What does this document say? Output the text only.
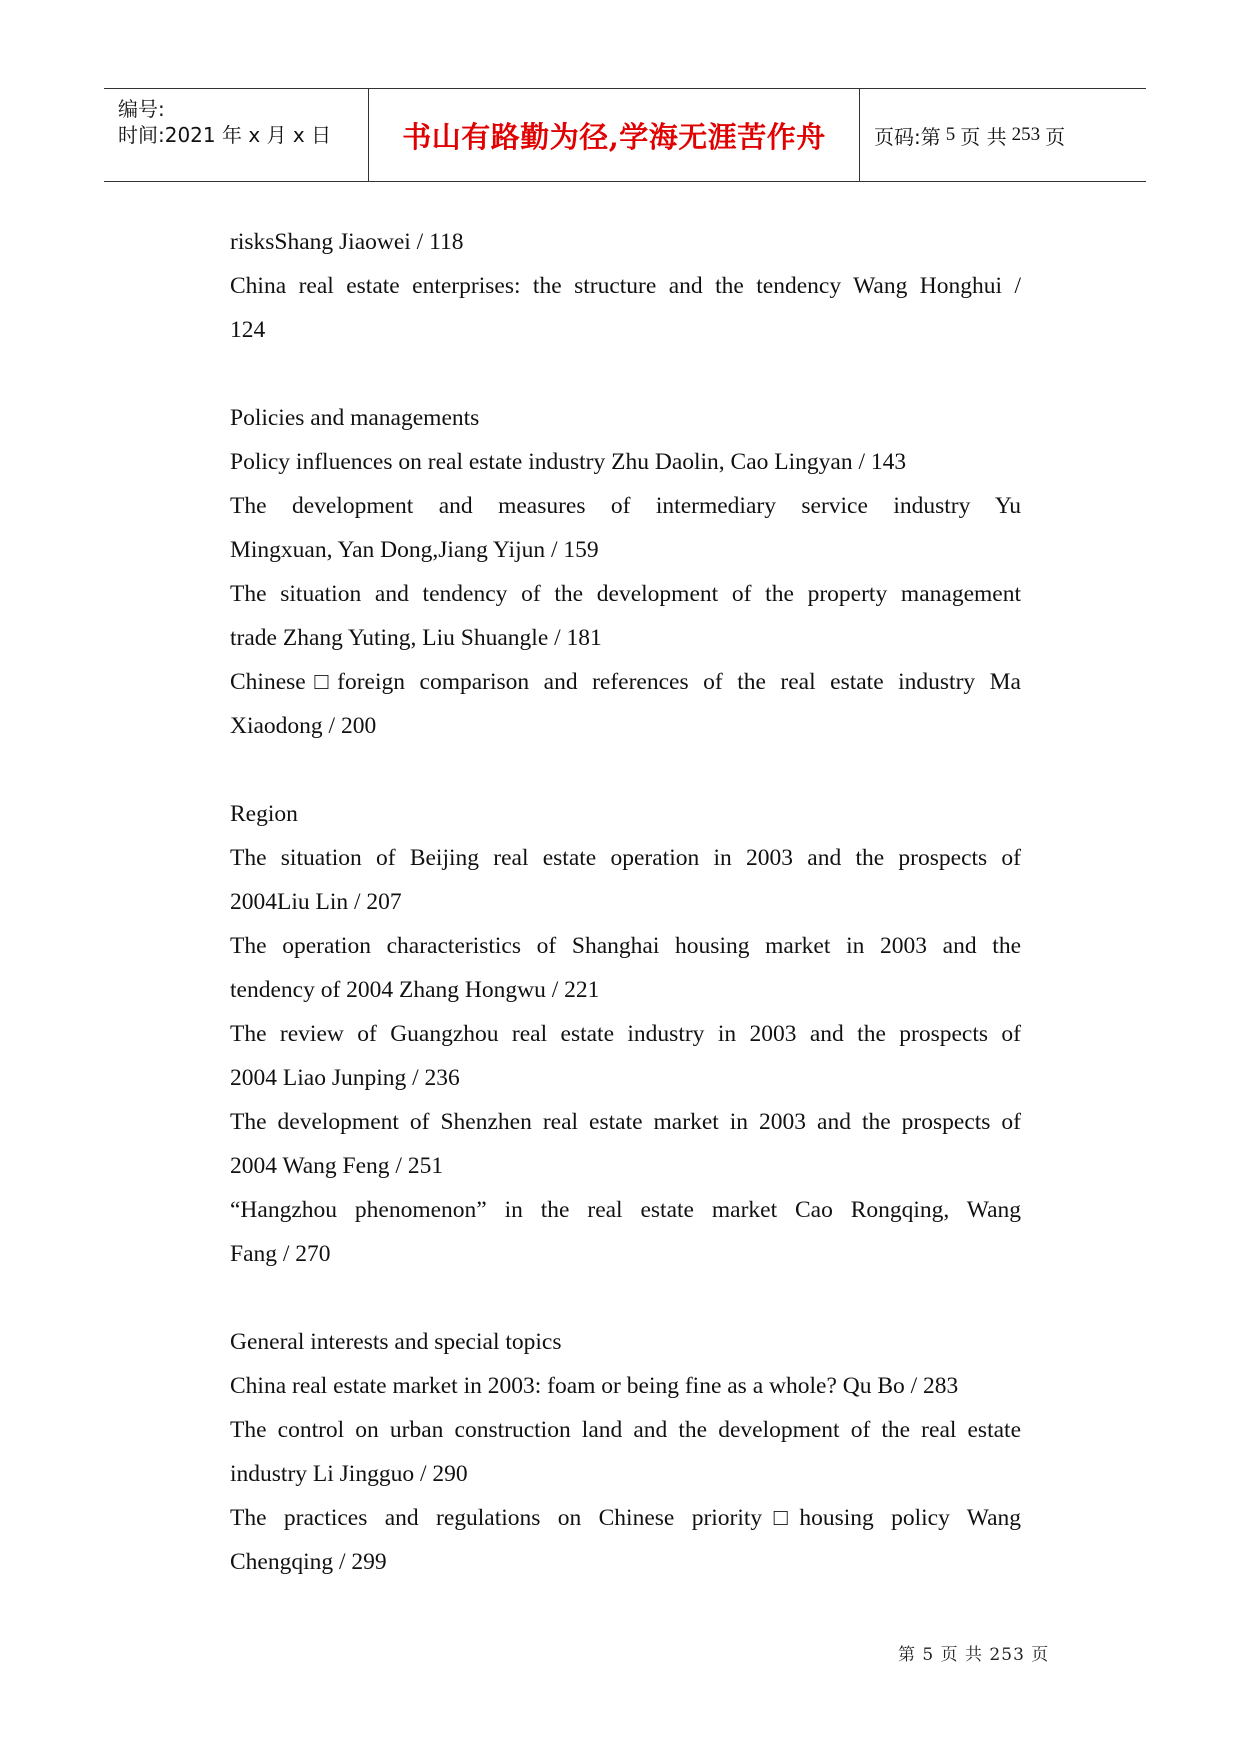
编号:
时间:2021 年 x 月 x 日 书山有路勤为径,学海无涯苦作舟 页码:第 5 页 共 253 页
risksShang Jiaowei / 118
China real estate enterprises: the structure and the tendency Wang Honghui /
124
Policies and managements
Policy influences on real estate industry Zhu Daolin, Cao Lingyan / 143
The development and measures of intermediary service industry Yu
Mingxuan, Yan Dong,Jiang Yijun / 159
The situation and tendency of the development of the property management
trade Zhang Yuting, Liu Shuangle / 181
Chinese□foreign comparison and references of the real estate industry Ma
Xiaodong / 200
Region
The situation of Beijing real estate operation in 2003 and the prospects of
2004Liu Lin / 207
The operation characteristics of Shanghai housing market in 2003 and the
tendency of 2004 Zhang Hongwu / 221
The review of Guangzhou real estate industry in 2003 and the prospects of
2004 Liao Junping / 236
The development of Shenzhen real estate market in 2003 and the prospects of
2004 Wang Feng / 251
“Hangzhou phenomenon” in the real estate market Cao Rongqing, Wang
Fang / 270
General interests and special topics
China real estate market in 2003: foam or being fine as a whole? Qu Bo / 283
The control on urban construction land and the development of the real estate
industry Li Jingguo / 290
The practices and regulations on Chinese priority□housing policy Wang
Chengqing / 299
第 5 页 共 253 页
